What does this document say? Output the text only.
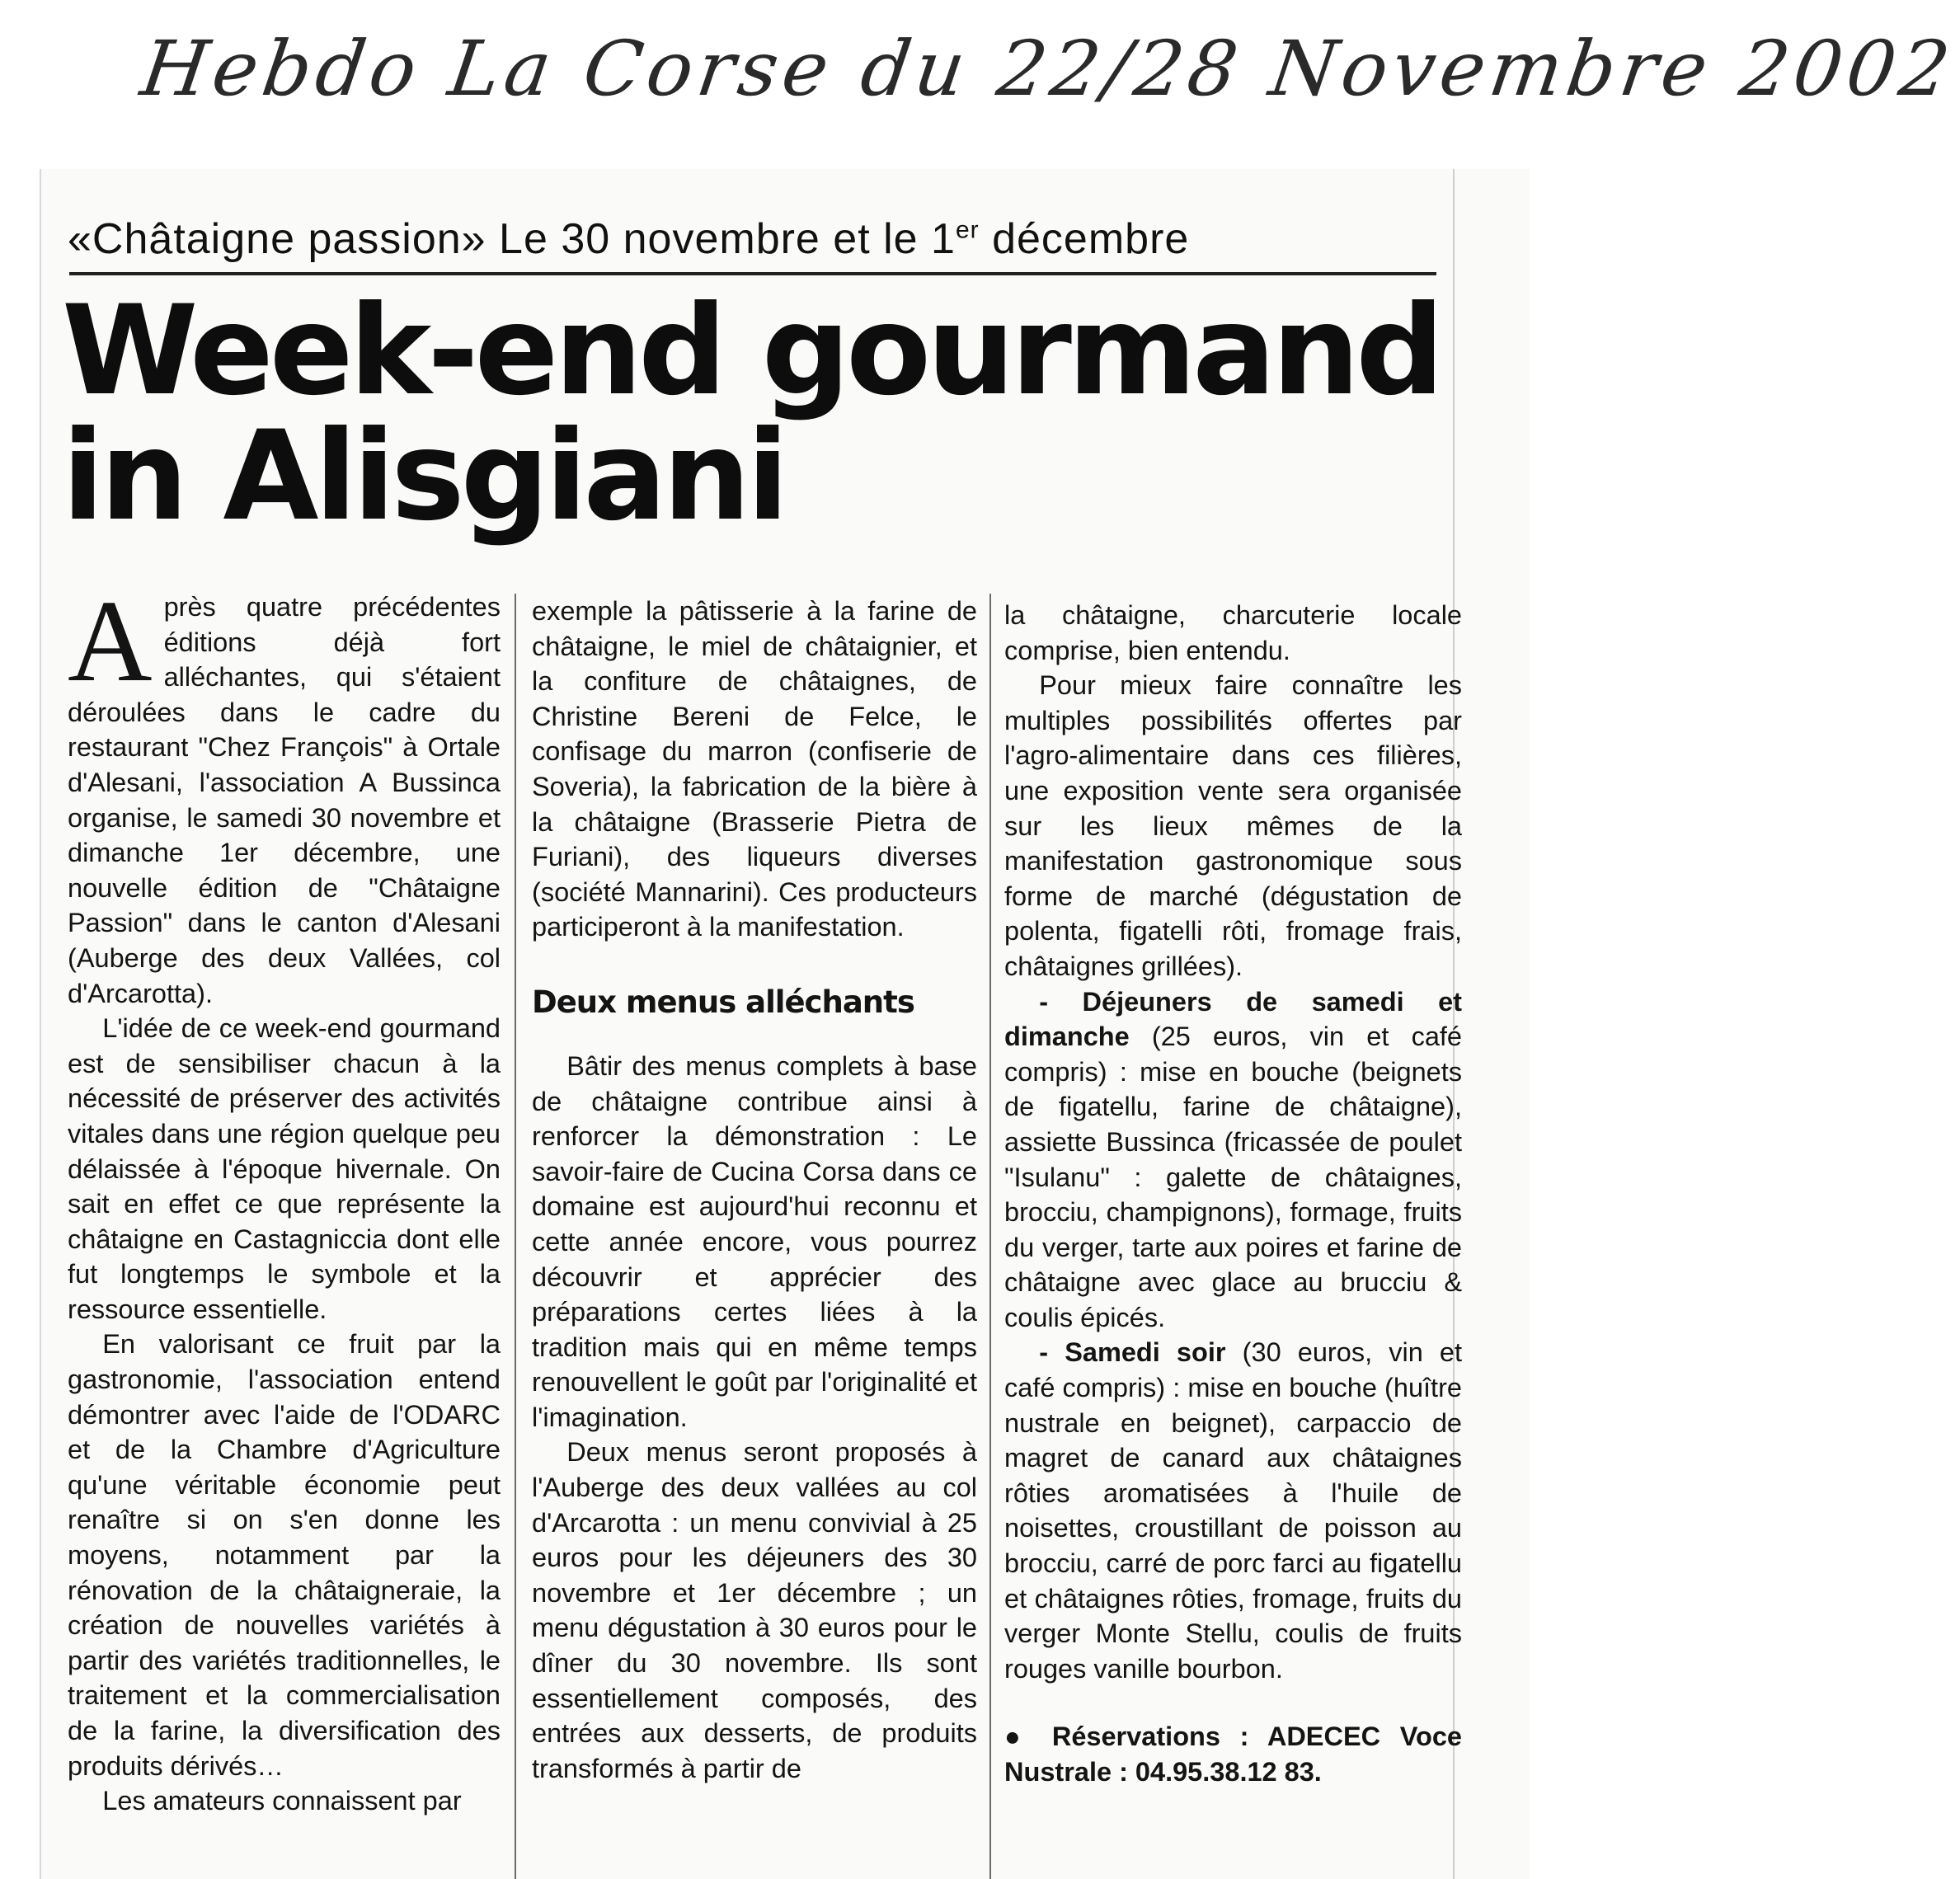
Hebdo La Corse du 22/28 Novembre 2002
«Châtaigne passion» Le 30 novembre et le 1er décembre
Week-end gourmand
in Alisgiani

Après quatre précédentes éditions déjà fort alléchantes, qui s'étaient déroulées dans le cadre du restaurant "Chez François" à Ortale d'Alesani, l'association A Bussinca organise, le samedi 30 novembre et dimanche 1er décembre, une nouvelle édition de "Châtaigne Passion" dans le canton d'Alesani (Auberge des deux Vallées, col d'Arcarotta).

L'idée de ce week-end gourmand est de sensibiliser chacun à la nécessité de préserver des activités vitales dans une région quelque peu délaissée à l'époque hivernale. On sait en effet ce que représente la châtaigne en Castagniccia dont elle fut longtemps le symbole et la ressource essentielle.

En valorisant ce fruit par la gastronomie, l'association entend démontrer avec l'aide de l'ODARC et de la Chambre d'Agriculture qu'une véritable économie peut renaître si on s'en donne les moyens, notamment par la rénovation de la châtaigneraie, la création de nouvelles variétés à partir des variétés traditionnelles, le traitement et la commercialisation de la farine, la diversification des produits dérivés…

Les amateurs connaissent par

exemple la pâtisserie à la farine de châtaigne, le miel de châtaignier, et la confiture de châtaignes, de Christine Bereni de Felce, le confisage du marron (confiserie de Soveria), la fabrication de la bière à la châtaigne (Brasserie Pietra de Furiani), des liqueurs diverses (société Mannarini). Ces producteurs participeront à la manifestation.

Deux menus alléchants

Bâtir des menus complets à base de châtaigne contribue ainsi à renforcer la démonstration : Le savoir-faire de Cucina Corsa dans ce domaine est aujourd'hui reconnu et cette année encore, vous pourrez découvrir et apprécier des préparations certes liées à la tradition mais qui en même temps renouvellent le goût par l'originalité et l'imagination.

Deux menus seront proposés à l'Auberge des deux vallées au col d'Arcarotta : un menu convivial à 25 euros pour les déjeuners des 30 novembre et 1er décembre ; un menu dégustation à 30 euros pour le dîner du 30 novembre. Ils sont essentiellement composés, des entrées aux desserts, de produits transformés à partir de

la châtaigne, charcuterie locale comprise, bien entendu.

Pour mieux faire connaître les multiples possibilités offertes par l'agro-alimentaire dans ces filières, une exposition vente sera organisée sur les lieux mêmes de la manifestation gastronomique sous forme de marché (dégustation de polenta, figatelli rôti, fromage frais, châtaignes grillées).

- Déjeuners de samedi et dimanche (25 euros, vin et café compris) : mise en bouche (beignets de figatellu, farine de châtaigne), assiette Bussinca (fricassée de poulet "Isulanu" : galette de châtaignes, brocciu, champignons), formage, fruits du verger, tarte aux poires et farine de châtaigne avec glace au brucciu & coulis épicés.

- Samedi soir (30 euros, vin et café compris) : mise en bouche (huître nustrale en beignet), carpaccio de magret de canard aux châtaignes rôties aromatisées à l'huile de noisettes, croustillant de poisson au brocciu, carré de porc farci au figatellu et châtaignes rôties, fromage, fruits du verger Monte Stellu, coulis de fruits rouges vanille bourbon.

● Réservations : ADECEC Voce Nustrale : 04.95.38.12 83.
